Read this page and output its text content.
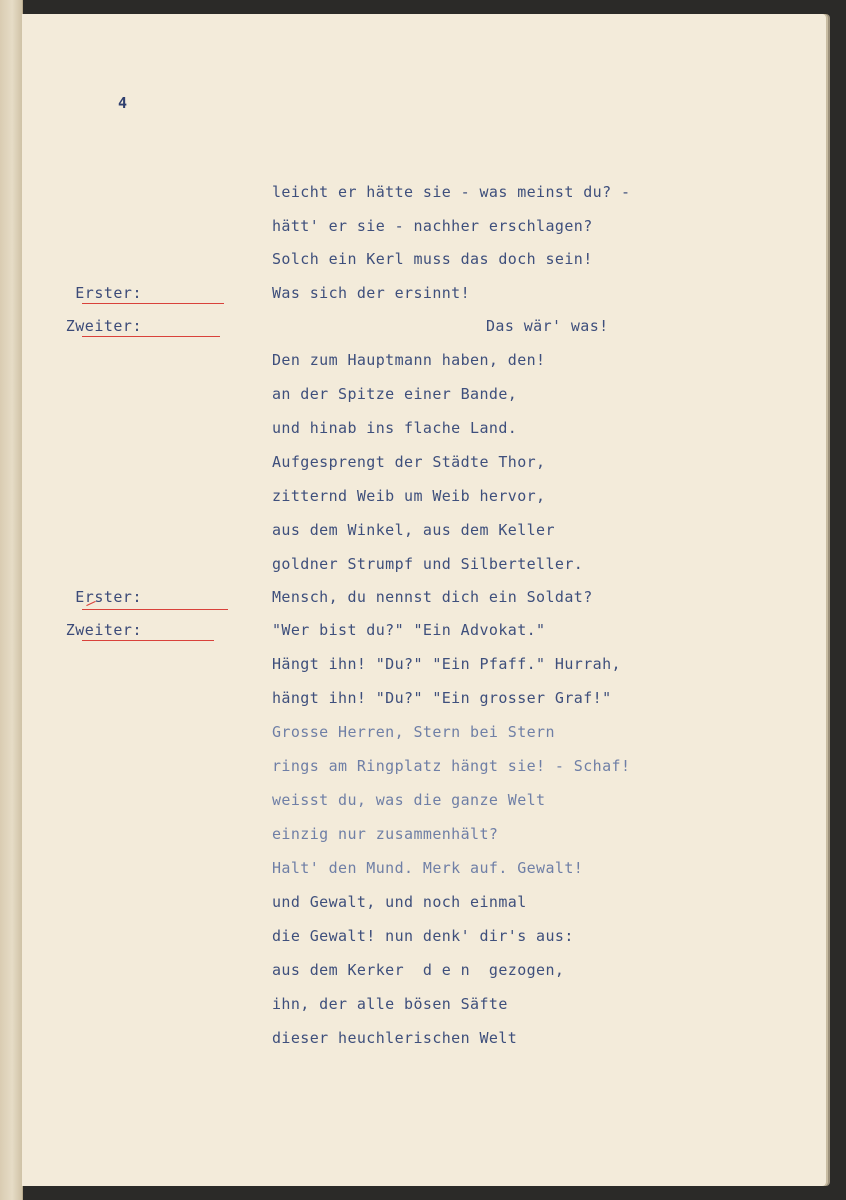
4
Erster:
Zweiter:
Erster:
Zweiter:
leicht er hätte sie - was meinst du? -
hätt' er sie - nachher erschlagen?
Solch ein Kerl muss das doch sein!
Was sich der ersinnt!
Das wär' was!
Den zum Hauptmann haben, den!
an der Spitze einer Bande,
und hinab ins flache Land.
Aufgesprengt der Städte Thor,
zitternd Weib um Weib hervor,
aus dem Winkel, aus dem Keller
goldner Strumpf und Silberteller.
Mensch, du nennst dich ein Soldat?
"Wer bist du?" "Ein Advokat."
Hängt ihn! "Du?" "Ein Pfaff." Hurrah,
hängt ihn! "Du?" "Ein grosser Graf!"
Grosse Herren, Stern bei Stern
rings am Ringplatz hängt sie! - Schaf!
weisst du, was die ganze Welt
einzig nur zusammenhält?
Halt' den Mund. Merk auf. Gewalt!
und Gewalt, und noch einmal
die Gewalt! nun denk' dir's aus:
aus dem Kerker  d e n  gezogen,
ihn, der alle bösen Säfte
dieser heuchlerischen Welt
